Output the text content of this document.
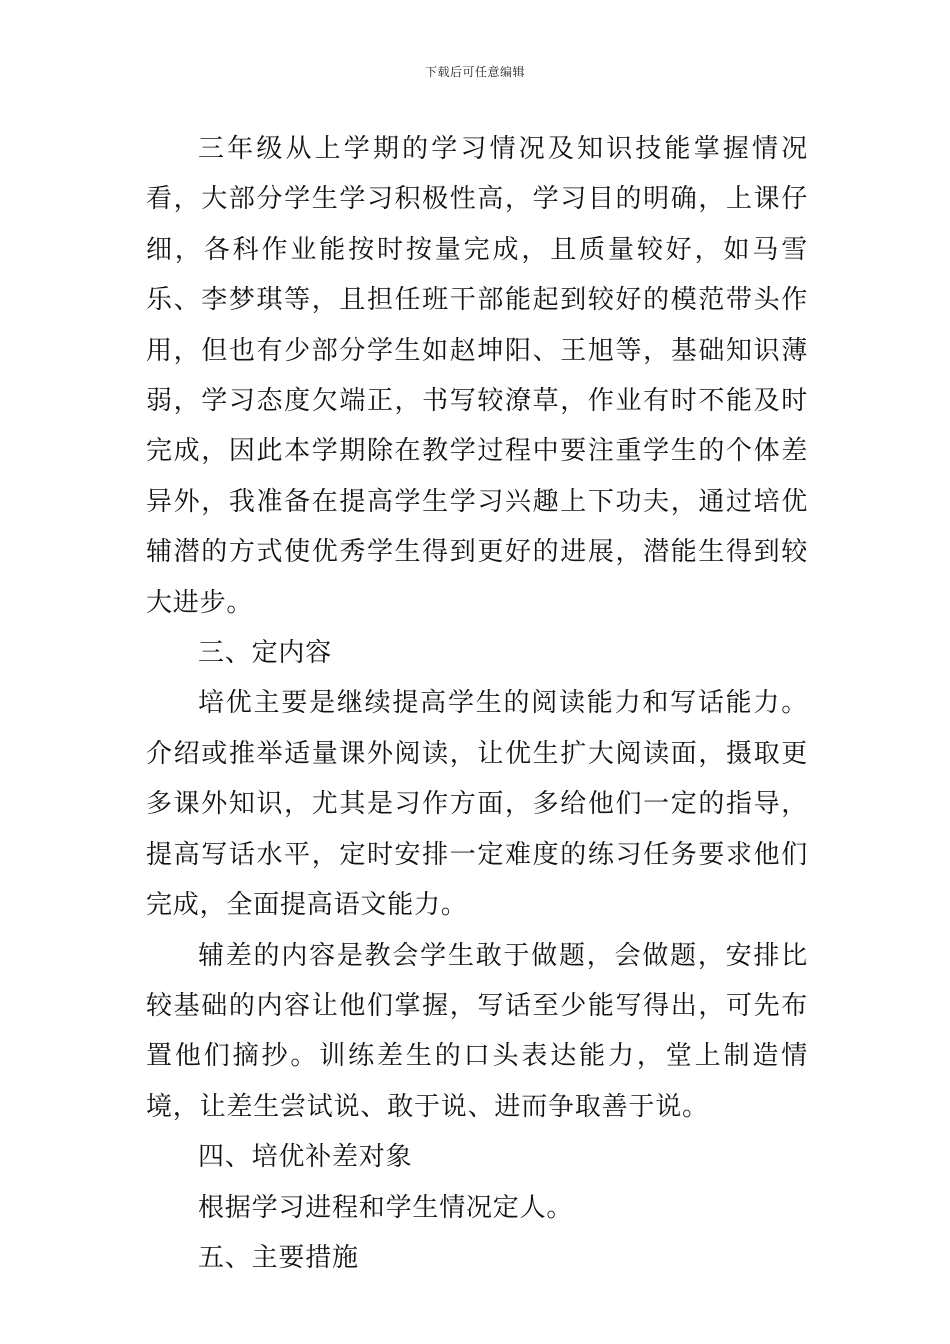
下载后可任意编辑

三年级从上学期的学习情况及知识技能掌握情况看，大部分学生学习积极性高，学习目的明确，上课仔细，各科作业能按时按量完成，且质量较好，如马雪乐、李梦琪等，且担任班干部能起到较好的模范带头作用，但也有少部分学生如赵坤阳、王旭等，基础知识薄弱，学习态度欠端正，书写较潦草，作业有时不能及时完成，因此本学期除在教学过程中要注重学生的个体差异外，我准备在提高学生学习兴趣上下功夫，通过培优辅潜的方式使优秀学生得到更好的进展，潜能生得到较大进步。

三、定内容

培优主要是继续提高学生的阅读能力和写话能力。介绍或推举适量课外阅读，让优生扩大阅读面，摄取更多课外知识，尤其是习作方面，多给他们一定的指导，提高写话水平，定时安排一定难度的练习任务要求他们完成，全面提高语文能力。

辅差的内容是教会学生敢于做题，会做题，安排比较基础的内容让他们掌握，写话至少能写得出，可先布置他们摘抄。训练差生的口头表达能力，堂上制造情境，让差生尝试说、敢于说、进而争取善于说。

四、培优补差对象

根据学习进程和学生情况定人。

五、主要措施
